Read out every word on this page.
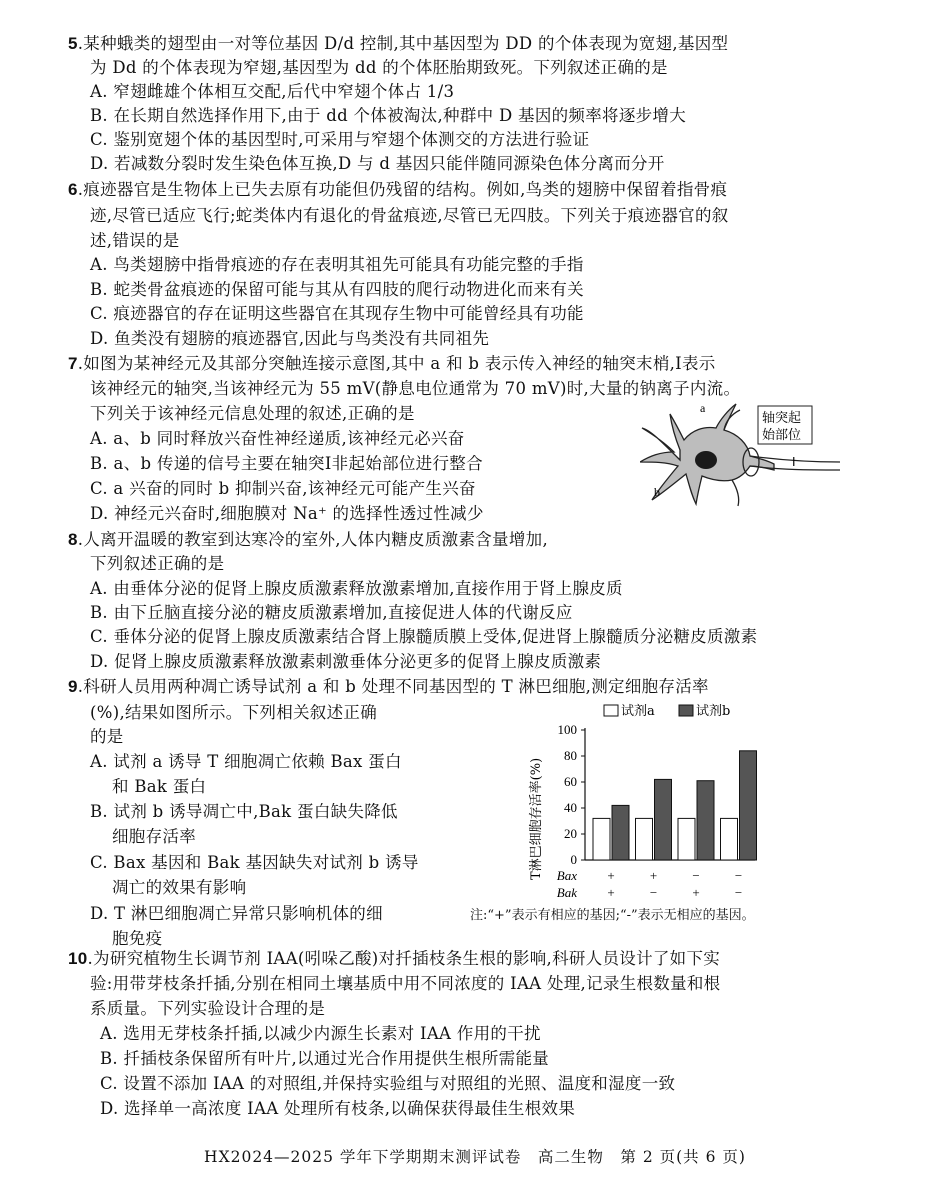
5.某种蛾类的翅型由一对等位基因 D/d 控制,其中基因型为 DD 的个体表现为宽翅,基因型
为 Dd 的个体表现为窄翅,基因型为 dd 的个体胚胎期致死。下列叙述正确的是
A. 窄翅雌雄个体相互交配,后代中窄翅个体占 1/3
B. 在长期自然选择作用下,由于 dd 个体被淘汰,种群中 D 基因的频率将逐步增大
C. 鉴别宽翅个体的基因型时,可采用与窄翅个体测交的方法进行验证
D. 若减数分裂时发生染色体互换,D 与 d 基因只能伴随同源染色体分离而分开
6.痕迹器官是生物体上已失去原有功能但仍残留的结构。例如,鸟类的翅膀中保留着指骨痕
迹,尽管已适应飞行;蛇类体内有退化的骨盆痕迹,尽管已无四肢。下列关于痕迹器官的叙
述,错误的是
A. 鸟类翅膀中指骨痕迹的存在表明其祖先可能具有功能完整的手指
B. 蛇类骨盆痕迹的保留可能与其从有四肢的爬行动物进化而来有关
C. 痕迹器官的存在证明这些器官在其现存生物中可能曾经具有功能
D. 鱼类没有翅膀的痕迹器官,因此与鸟类没有共同祖先
7.如图为某神经元及其部分突触连接示意图,其中 a 和 b 表示传入神经的轴突末梢,Ⅰ表示
该神经元的轴突,当该神经元为 55 mV(静息电位通常为 70 mV)时,大量的钠离子内流。
下列关于该神经元信息处理的叙述,正确的是
A. a、b 同时释放兴奋性神经递质,该神经元必兴奋
B. a、b 传递的信号主要在轴突Ⅰ非起始部位进行整合
C. a 兴奋的同时 b 抑制兴奋,该神经元可能产生兴奋
D. 神经元兴奋时,细胞膜对 Na⁺ 的选择性透过性减少
a
b
Ⅰ
轴突起
始部位
8.人离开温暖的教室到达寒冷的室外,人体内糖皮质激素含量增加,
下列叙述正确的是
A. 由垂体分泌的促肾上腺皮质激素释放激素增加,直接作用于肾上腺皮质
B. 由下丘脑直接分泌的糖皮质激素增加,直接促进人体的代谢反应
C. 垂体分泌的促肾上腺皮质激素结合肾上腺髓质膜上受体,促进肾上腺髓质分泌糖皮质激素
D. 促肾上腺皮质激素释放激素刺激垂体分泌更多的促肾上腺皮质激素
9.科研人员用两种凋亡诱导试剂 a 和 b 处理不同基因型的 T 淋巴细胞,测定细胞存活率
(%),结果如图所示。下列相关叙述正确
的是
A. 试剂 a 诱导 T 细胞凋亡依赖 Bax 蛋白
和 Bak 蛋白
B. 试剂 b 诱导凋亡中,Bak 蛋白缺失降低
细胞存活率
C. Bax 基因和 Bak 基因缺失对试剂 b 诱导
凋亡的效果有影响
D. T 淋巴细胞凋亡异常只影响机体的细
胞免疫
试剂a	试剂b
T淋巴细胞存活率(%) 0
20
40
60
80
100
Bax
Bak
+
+
+
−
−
+
−
−
注:“+”表示有相应的基因;“-”表示无相应的基因。
10.为研究植物生长调节剂 IAA(吲哚乙酸)对扦插枝条生根的影响,科研人员设计了如下实
验:用带芽枝条扦插,分别在相同土壤基质中用不同浓度的 IAA 处理,记录生根数量和根
系质量。下列实验设计合理的是
A. 选用无芽枝条扦插,以减少内源生长素对 IAA 作用的干扰
B. 扦插枝条保留所有叶片,以通过光合作用提供生根所需能量
C. 设置不添加 IAA 的对照组,并保持实验组与对照组的光照、温度和湿度一致
D. 选择单一高浓度 IAA 处理所有枝条,以确保获得最佳生根效果
HX2024—2025 学年下学期期末测评试卷　高二生物　第 2 页(共 6 页)
